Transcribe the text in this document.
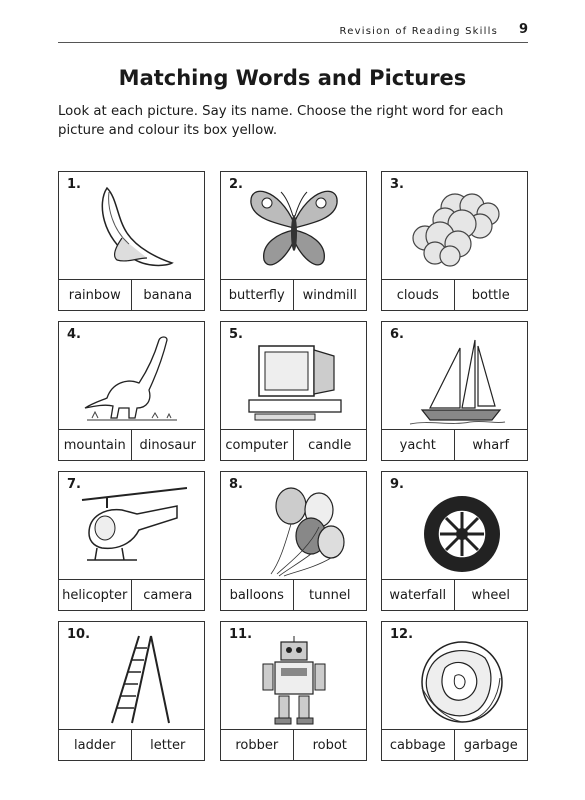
Revision of Reading Skills 9
Matching Words and Pictures
Look at each picture. Say its name. Choose the right word for each picture and colour its box yellow.
1.
rainbow	banana
2.
butterfly	windmill
3.
clouds	bottle
4.
mountain	dinosaur
5.
computer	candle
6.
yacht	wharf
7.
helicopter	camera
8.
balloons	tunnel
9.
waterfall	wheel
10.
ladder	letter
11.
robber	robot
12.
cabbage	garbage
